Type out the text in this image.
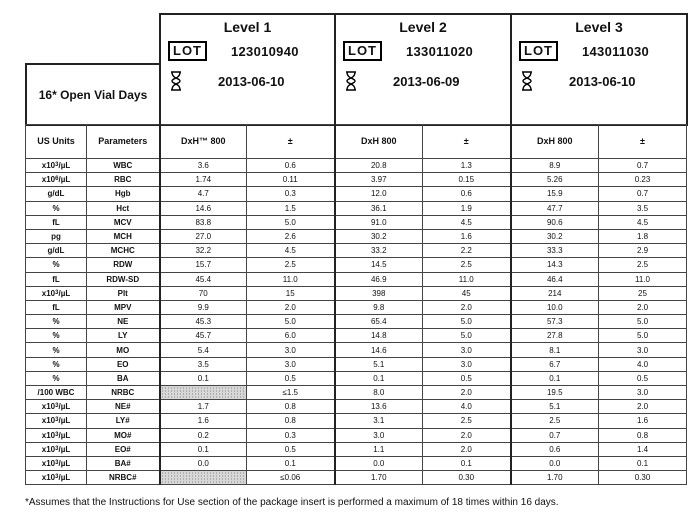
Level 1
LOT	123010940
2013-06-10

Level 2
LOT	133011020
2013-06-09

Level 3
LOT	143011030
2013-06-10

16* Open Vial Days
US Units	Parameters	DxH™ 800	±	DxH 800	±	DxH 800	±
$x10^3/\mu L$	WBC	3.6	0.6	20.8	1.3	8.9	0.7
$x10^6/\mu L$	RBC	1.74	0.11	3.97	0.15	5.26	0.23
g/dL	Hgb	4.7	0.3	12.0	0.6	15.9	0.7
%	Hct	14.6	1.5	36.1	1.9	47.7	3.5
fL	MCV	83.8	5.0	91.0	4.5	90.6	4.5
pg	MCH	27.0	2.6	30.2	1.6	30.2	1.8
g/dL	MCHC	32.2	4.5	33.2	2.2	33.3	2.9
%	RDW	15.7	2.5	14.5	2.5	14.3	2.5
fL	RDW-SD	45.4	11.0	46.9	11.0	46.4	11.0
$x10^3/\mu L$	Plt	70	15	398	45	214	25
fL	MPV	9.9	2.0	9.8	2.0	10.0	2.0
%	NE	45.3	5.0	65.4	5.0	57.3	5.0
%	LY	45.7	6.0	14.8	5.0	27.8	5.0
%	MO	5.4	3.0	14.6	3.0	8.1	3.0
%	EO	3.5	3.0	5.1	3.0	6.7	4.0
%	BA	0.1	0.5	0.1	0.5	0.1	0.5
/100 WBC	NRBC		≤1.5	8.0	2.0	19.5	3.0
$x10^3/\mu L$	NE#	1.7	0.8	13.6	4.0	5.1	2.0
$x10^3/\mu L$	LY#	1.6	0.8	3.1	2.5	2.5	1.6
$x10^3/\mu L$	MO#	0.2	0.3	3.0	2.0	0.7	0.8
$x10^3/\mu L$	EO#	0.1	0.5	1.1	2.0	0.6	1.4
$x10^3/\mu L$	BA#	0.0	0.1	0.0	0.1	0.0	0.1
$x10^3/\mu L$	NRBC#		≤0.06	1.70	0.30	1.70	0.30
*Assumes that the Instructions for Use section of the package insert is performed a maximum of 18 times within 16 days.
